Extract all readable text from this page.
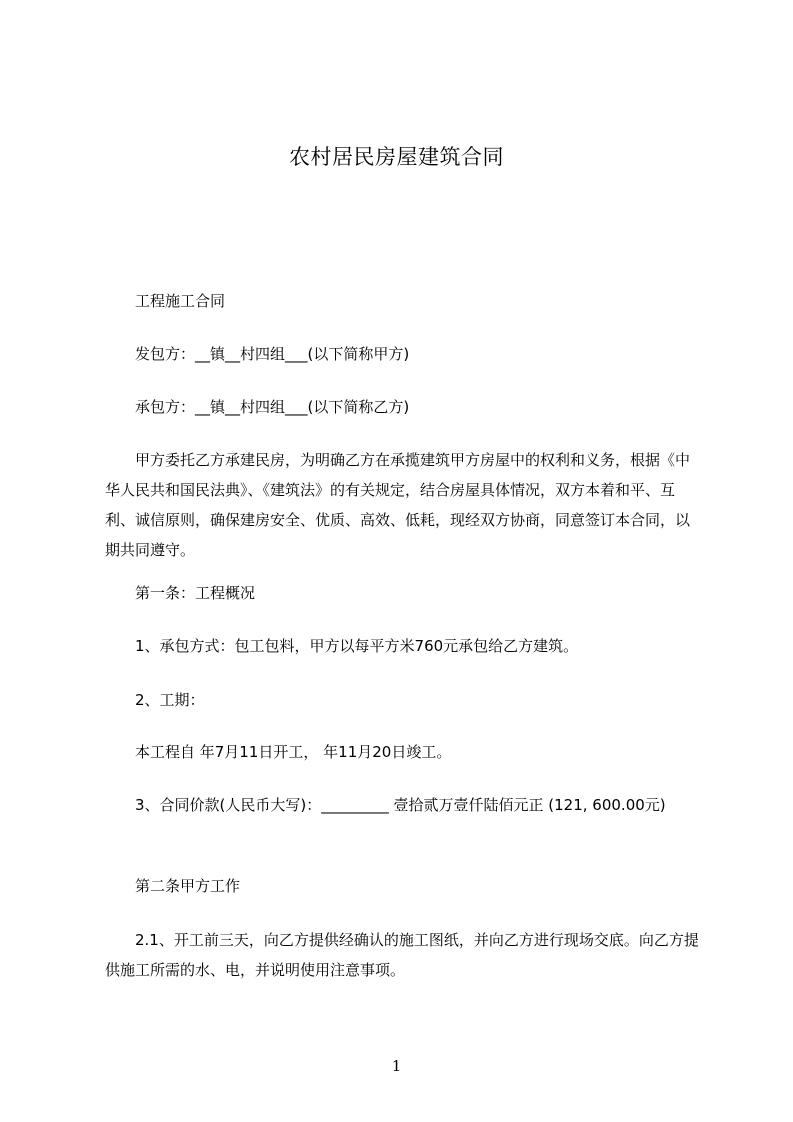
农村居民房屋建筑合同
工程施工合同
发包方：__镇__村四组___(以下简称甲方)
承包方：__镇__村四组___(以下简称乙方)
甲方委托乙方承建民房，为明确乙方在承揽建筑甲方房屋中的权利和义务，根据《中华人民共和国民法典》、《建筑法》的有关规定，结合房屋具体情况，双方本着和平、互利、诚信原则，确保建房安全、优质、高效、低耗，现经双方协商，同意签订本合同，以期共同遵守。
第一条：工程概况
1、承包方式：包工包料，甲方以每平方米760元承包给乙方建筑。
2、工期：
本工程自 年7月11日开工， 年11月20日竣工。
3、合同价款(人民币大写)：_________ 壹拾贰万壹仟陆佰元正 (121, 600.00元)
第二条甲方工作
2.1、开工前三天，向乙方提供经确认的施工图纸，并向乙方进行现场交底。向乙方提供施工所需的水、电，并说明使用注意事项。
1
